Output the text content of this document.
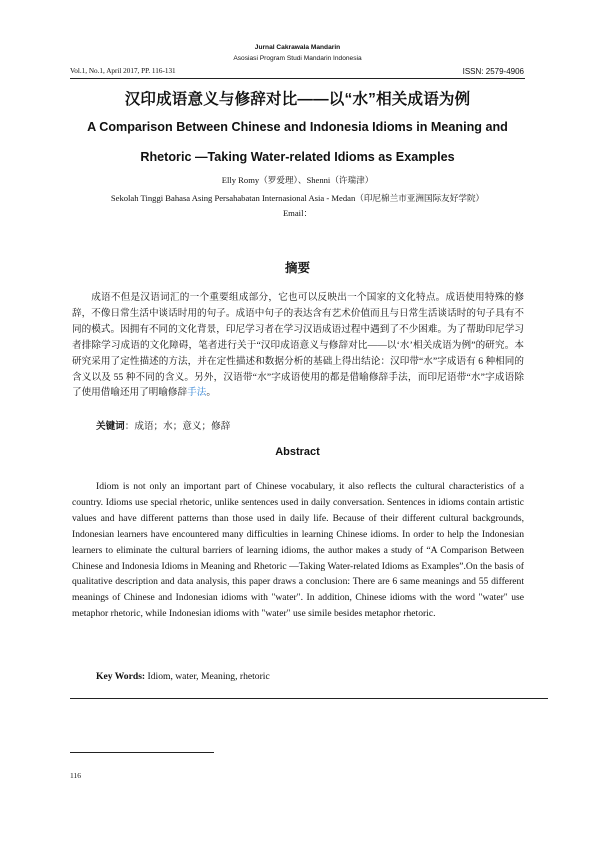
Jurnal Cakrawala Mandarin
Asosiasi Program Studi Mandarin Indonesia
Vol.1, No.1, April 2017, PP. 116-131	ISSN: 2579-4906
汉印成语意义与修辞对比——以“水”相关成语为例
A Comparison Between Chinese and Indonesia Idioms in Meaning and
Rhetoric —Taking Water-related Idioms as Examples
Elly Romy（罗爱理）、Shenni（许瑞津）
Sekolah Tinggi Bahasa Asing Persahabatan Internasional Asia - Medan（印尼棉兰市亚洲国际友好学院）
Email：
摘要
成语不但是汉语词汇的一个重要组成部分，它也可以反映出一个国家的文化特点。成语使用特殊的修辞，不像日常生活中谈话时用的句子。成语中句子的表达含有艺术价值而且与日常生活谈话时的句子具有不同的模式。因拥有不同的文化背景，印尼学习者在学习汉语成语过程中遇到了不少困难。为了帮助印尼学习者排除学习成语的文化障碍，笔者进行关于“汉印成语意义与修辞对比——以‘水’相关成语为例”的研究。本研究采用了定性描述的方法，并在定性描述和数据分析的基础上得出结论：汉印带“水”字成语有 6 种相同的含义以及 55 种不同的含义。另外，汉语带“水”字成语使用的都是借喻修辞手法，而印尼语带“水”字成语除了使用借喻还用了明喻修辞手法。
关键词：成语；水；意义；修辞
Abstract
Idiom is not only an important part of Chinese vocabulary, it also reflects the cultural characteristics of a country. Idioms use special rhetoric, unlike sentences used in daily conversation. Sentences in idioms contain artistic values and have different patterns than those used in daily life. Because of their different cultural backgrounds, Indonesian learners have encountered many difficulties in learning Chinese idioms. In order to help the Indonesian learners to eliminate the cultural barriers of learning idioms, the author makes a study of “A Comparison Between Chinese and Indonesia Idioms in Meaning and Rhetoric —Taking Water-related Idioms as Examples”.On the basis of qualitative description and data analysis, this paper draws a conclusion: There are 6 same meanings and 55 different meanings of Chinese and Indonesian idioms with "water". In addition, Chinese idioms with the word "water" use metaphor rhetoric, while Indonesian idioms with "water" use simile besides metaphor rhetoric.
Key Words: Idiom, water, Meaning, rhetoric
116
